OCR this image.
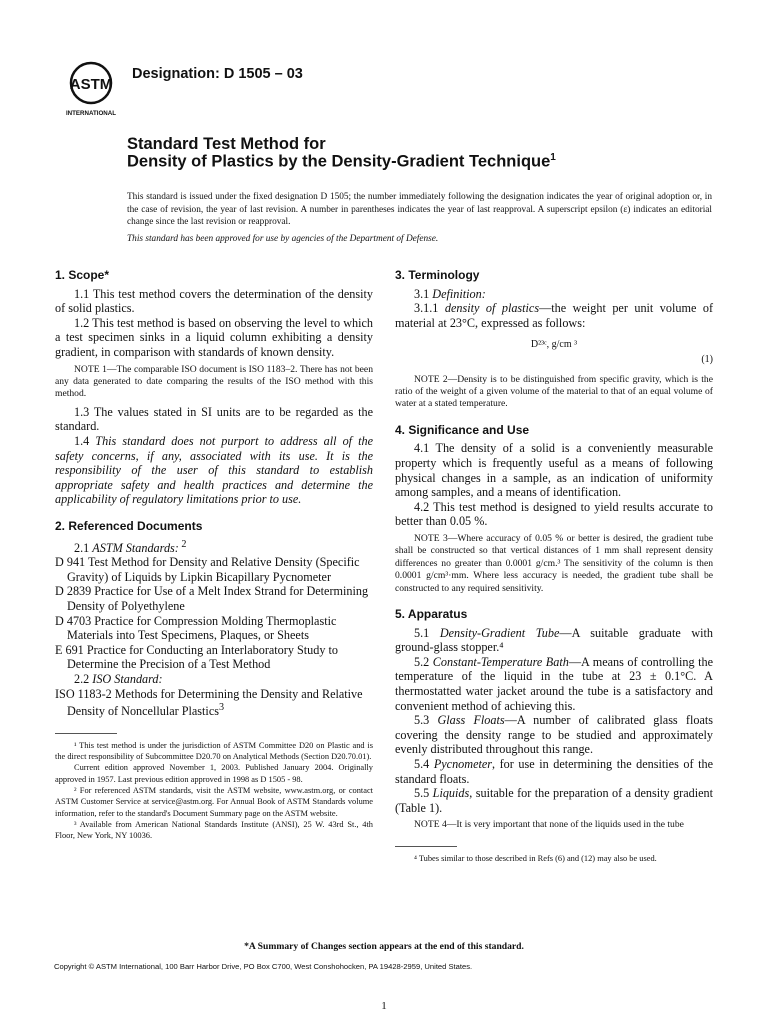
ASTM
INTERNATIONAL
Designation: D 1505 – 03
Standard Test Method for
Density of Plastics by the Density-Gradient Technique$^1$
This standard is issued under the fixed designation D 1505; the number immediately following the designation indicates the year of original adoption or, in the case of revision, the year of last revision. A number in parentheses indicates the year of last reapproval. A superscript epsilon (ε) indicates an editorial change since the last revision or reapproval.
This standard has been approved for use by agencies of the Department of Defense.
1. Scope*

1.1 This test method covers the determination of the density of solid plastics.

1.2 This test method is based on observing the level to which a test specimen sinks in a liquid column exhibiting a density gradient, in comparison with standards of known density.

NOTE 1—The comparable ISO document is ISO 1183–2. There has not been any data generated to date comparing the results of the ISO method with this method.

1.3 The values stated in SI units are to be regarded as the standard.

1.4 This standard does not purport to address all of the safety concerns, if any, associated with its use. It is the responsibility of the user of this standard to establish appropriate safety and health practices and determine the applicability of regulatory limitations prior to use.

2. Referenced Documents

2.1 ASTM Standards: $^2$

D 941 Test Method for Density and Relative Density (Specific Gravity) of Liquids by Lipkin Bicapillary Pycnometer

D 2839 Practice for Use of a Melt Index Strand for Determining Density of Polyethylene

D 4703 Practice for Compression Molding Thermoplastic Materials into Test Specimens, Plaques, or Sheets

E 691 Practice for Conducting an Interlaboratory Study to Determine the Precision of a Test Method

2.2 ISO Standard:

ISO 1183-2 Methods for Determining the Density and Relative Density of Noncellular Plastics$^3$

¹ This test method is under the jurisdiction of ASTM Committee D20 on Plastic and is the direct responsibility of Subcommittee D20.70 on Analytical Methods (Section D20.70.01).

Current edition approved November 1, 2003. Published January 2004. Originally approved in 1957. Last previous edition approved in 1998 as D 1505 - 98.

² For referenced ASTM standards, visit the ASTM website, www.astm.org, or contact ASTM Customer Service at service@astm.org. For Annual Book of ASTM Standards volume information, refer to the standard's Document Summary page on the ASTM website.

³ Available from American National Standards Institute (ANSI), 25 W. 43rd St., 4th Floor, New York, NY 10036.

3. Terminology

3.1 Definition:

3.1.1 density of plastics—the weight per unit volume of material at 23°C, expressed as follows:

D²³ᶜ, g/cm ³
(1)

NOTE 2—Density is to be distinguished from specific gravity, which is the ratio of the weight of a given volume of the material to that of an equal volume of water at a stated temperature.

4. Significance and Use

4.1 The density of a solid is a conveniently measurable property which is frequently useful as a means of following physical changes in a sample, as an indication of uniformity among samples, and a means of identification.

4.2 This test method is designed to yield results accurate to better than 0.05 %.

NOTE 3—Where accuracy of 0.05 % or better is desired, the gradient tube shall be constructed so that vertical distances of 1 mm shall represent density differences no greater than 0.0001 g/cm.³ The sensitivity of the column is then 0.0001 g/cm³·mm. Where less accuracy is needed, the gradient tube shall be constructed to any required sensitivity.

5. Apparatus

5.1 Density-Gradient Tube—A suitable graduate with ground-glass stopper.⁴

5.2 Constant-Temperature Bath—A means of controlling the temperature of the liquid in the tube at 23 ± 0.1°C. A thermostatted water jacket around the tube is a satisfactory and convenient method of achieving this.

5.3 Glass Floats—A number of calibrated glass floats covering the density range to be studied and approximately evenly distributed throughout this range.

5.4 Pycnometer, for use in determining the densities of the standard floats.

5.5 Liquids, suitable for the preparation of a density gradient (Table 1).

NOTE 4—It is very important that none of the liquids used in the tube

⁴ Tubes similar to those described in Refs (6) and (12) may also be used.

*A Summary of Changes section appears at the end of this standard.
Copyright © ASTM International, 100 Barr Harbor Drive, PO Box C700, West Conshohocken, PA 19428-2959, United States.
1
